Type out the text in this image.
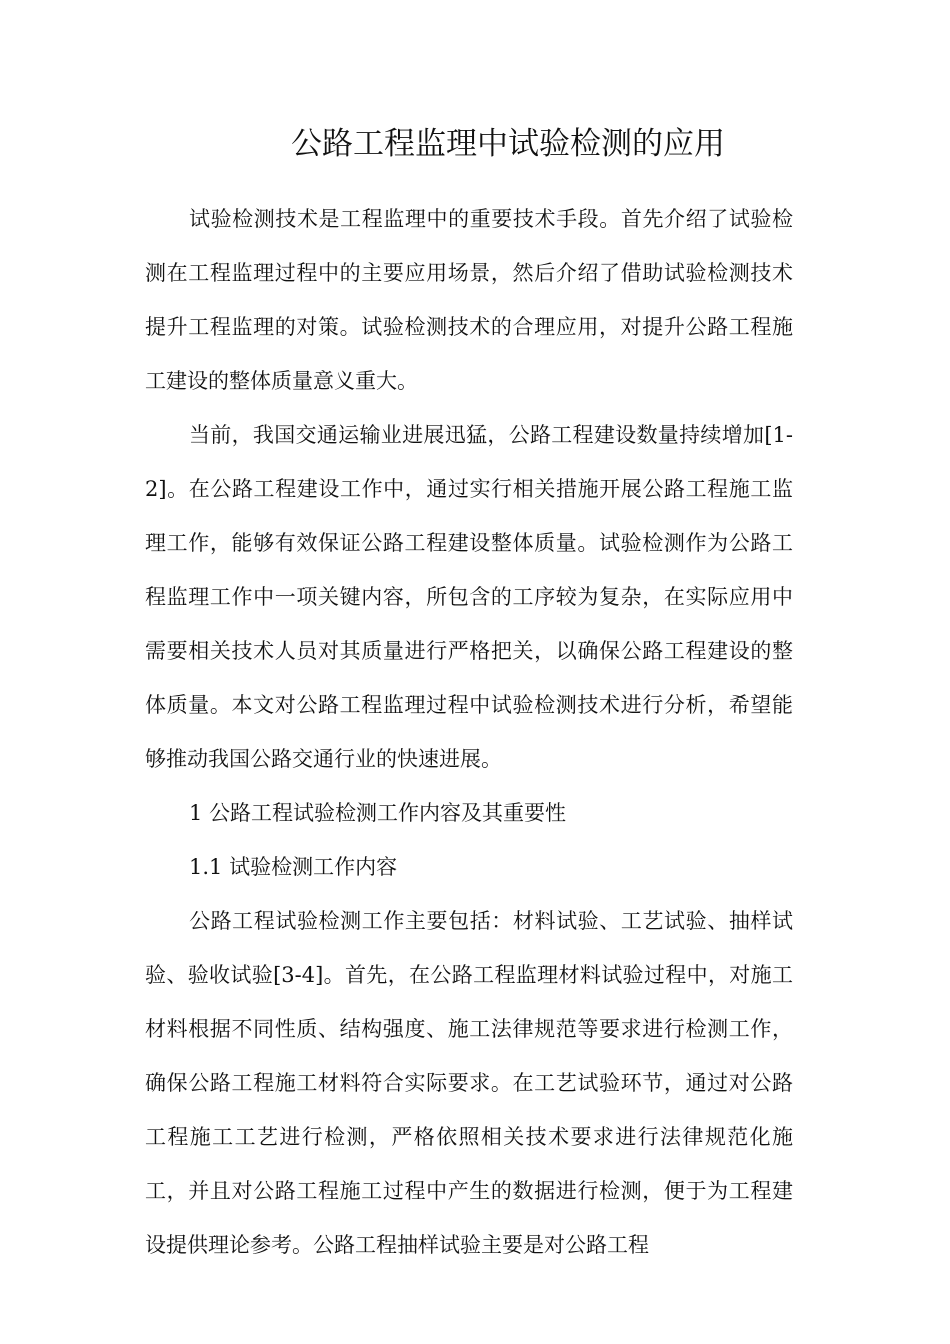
公路工程监理中试验检测的应用

试验检测技术是工程监理中的重要技术手段。首先介绍了试验检测在工程监理过程中的主要应用场景，然后介绍了借助试验检测技术提升工程监理的对策。试验检测技术的合理应用，对提升公路工程施工建设的整体质量意义重大。

当前，我国交通运输业进展迅猛，公路工程建设数量持续增加[1-2]。在公路工程建设工作中，通过实行相关措施开展公路工程施工监理工作，能够有效保证公路工程建设整体质量。试验检测作为公路工程监理工作中一项关键内容，所包含的工序较为复杂，在实际应用中需要相关技术人员对其质量进行严格把关，以确保公路工程建设的整体质量。本文对公路工程监理过程中试验检测技术进行分析，希望能够推动我国公路交通行业的快速进展。

1 公路工程试验检测工作内容及其重要性

1.1 试验检测工作内容

公路工程试验检测工作主要包括：材料试验、工艺试验、抽样试验、验收试验[3-4]。首先，在公路工程监理材料试验过程中，对施工材料根据不同性质、结构强度、施工法律规范等要求进行检测工作，确保公路工程施工材料符合实际要求。在工艺试验环节，通过对公路工程施工工艺进行检测，严格依照相关技术要求进行法律规范化施工，并且对公路工程施工过程中产生的数据进行检测，便于为工程建设提供理论参考。公路工程抽样试验主要是对公路工程
